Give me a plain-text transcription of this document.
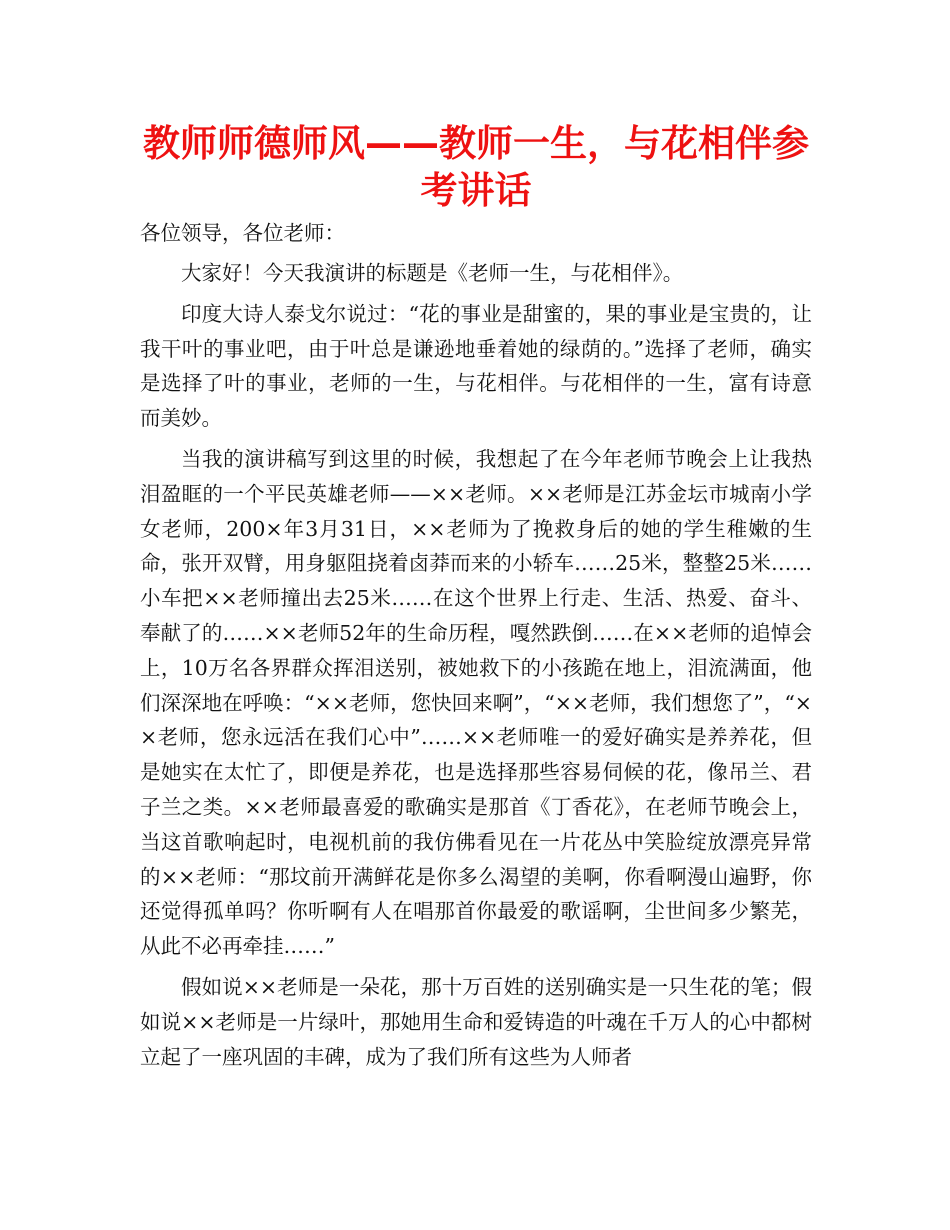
教师师德师风——教师一生，与花相伴参考讲话

各位领导，各位老师：

大家好！今天我演讲的标题是《老师一生，与花相伴》。

印度大诗人泰戈尔说过：“花的事业是甜蜜的，果的事业是宝贵的，让我干叶的事业吧，由于叶总是谦逊地垂着她的绿荫的。”选择了老师，确实是选择了叶的事业，老师的一生，与花相伴。与花相伴的一生，富有诗意而美妙。

当我的演讲稿写到这里的时候，我想起了在今年老师节晚会上让我热泪盈眶的一个平民英雄老师——××老师。××老师是江苏金坛市城南小学女老师，200×年3月31日，××老师为了挽救身后的她的学生稚嫩的生命，张开双臂，用身躯阻挠着卤莽而来的小轿车……25米，整整25米……小车把××老师撞出去25米……在这个世界上行走、生活、热爱、奋斗、奉献了的……××老师52年的生命历程，嘎然跌倒……在××老师的追悼会上，10万名各界群众挥泪送别，被她救下的小孩跪在地上，泪流满面，他们深深地在呼唤：“××老师，您快回来啊”，“××老师，我们想您了”，“××老师，您永远活在我们心中”……××老师唯一的爱好确实是养养花，但是她实在太忙了，即便是养花，也是选择那些容易伺候的花，像吊兰、君子兰之类。××老师最喜爱的歌确实是那首《丁香花》，在老师节晚会上，当这首歌响起时，电视机前的我仿佛看见在一片花丛中笑脸绽放漂亮异常的××老师：“那坟前开满鲜花是你多么渴望的美啊，你看啊漫山遍野，你还觉得孤单吗？你听啊有人在唱那首你最爱的歌谣啊，尘世间多少繁芜，从此不必再牵挂……”

假如说××老师是一朵花，那十万百姓的送别确实是一只生花的笔；假如说××老师是一片绿叶，那她用生命和爱铸造的叶魂在千万人的心中都树立起了一座巩固的丰碑，成为了我们所有这些为人师者
